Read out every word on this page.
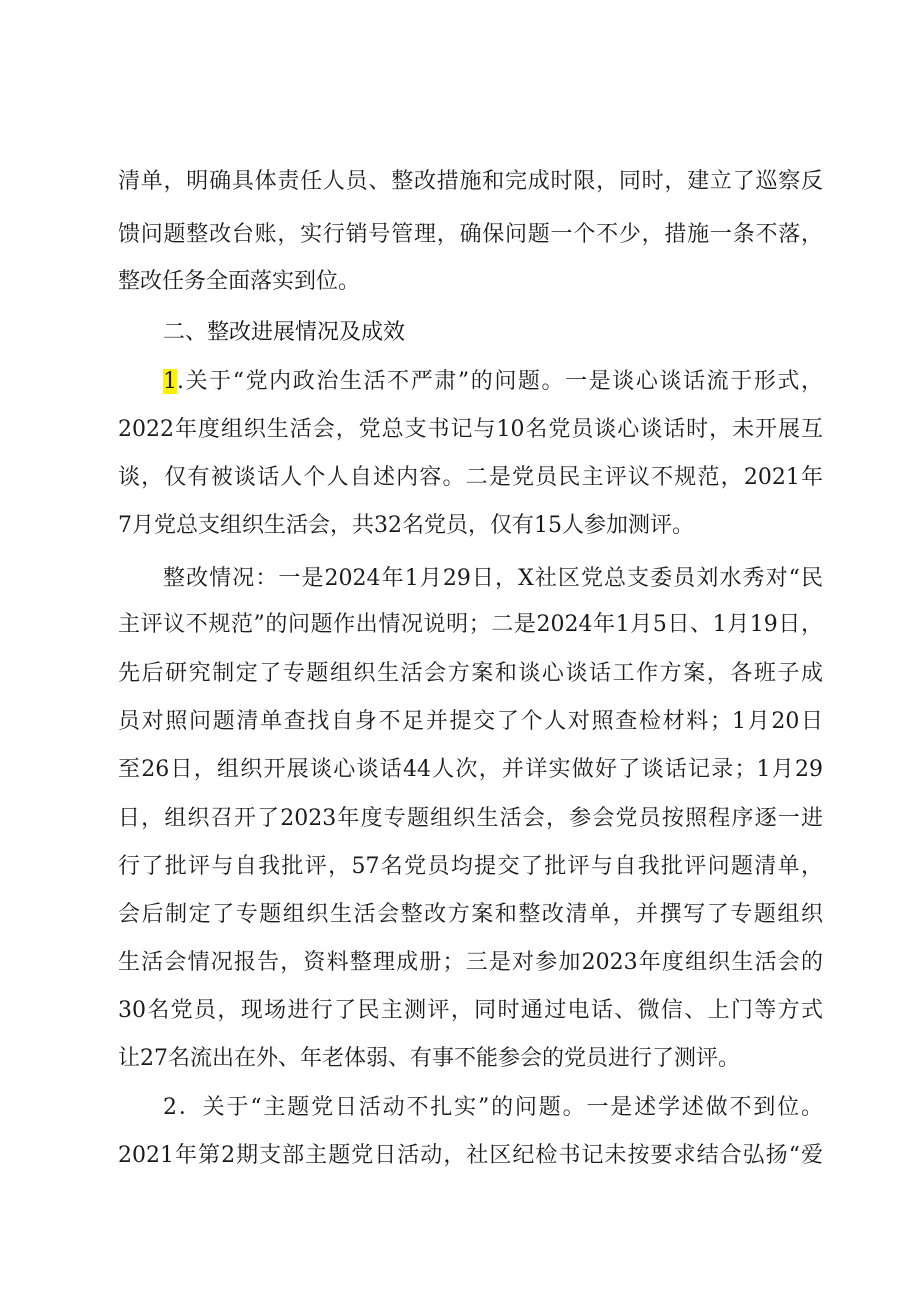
清单，明确具体责任人员、整改措施和完成时限，同时，建立了巡察反
馈问题整改台账，实行销号管理，确保问题一个不少，措施一条不落，
整改任务全面落实到位。
二、整改进展情况及成效
1.关于“党内政治生活不严肃”的问题。一是谈心谈话流于形式，
2022年度组织生活会，党总支书记与10名党员谈心谈话时，未开展互
谈，仅有被谈话人个人自述内容。二是党员民主评议不规范，2021年
7月党总支组织生活会，共32名党员，仅有15人参加测评。
整改情况：一是2024年1月29日，X社区党总支委员刘水秀对“民
主评议不规范”的问题作出情况说明；二是2024年1月5日、1月19日，
先后研究制定了专题组织生活会方案和谈心谈话工作方案，各班子成
员对照问题清单查找自身不足并提交了个人对照查检材料；1月20日
至26日，组织开展谈心谈话44人次，并详实做好了谈话记录；1月29
日，组织召开了2023年度专题组织生活会，参会党员按照程序逐一进
行了批评与自我批评，57名党员均提交了批评与自我批评问题清单，
会后制定了专题组织生活会整改方案和整改清单，并撰写了专题组织
生活会情况报告，资料整理成册；三是对参加2023年度组织生活会的
30名党员，现场进行了民主测评，同时通过电话、微信、上门等方式
让27名流出在外、年老体弱、有事不能参会的党员进行了测评。
2．关于“主题党日活动不扎实”的问题。一是述学述做不到位。
2021年第2期支部主题党日活动，社区纪检书记未按要求结合弘扬“爱
